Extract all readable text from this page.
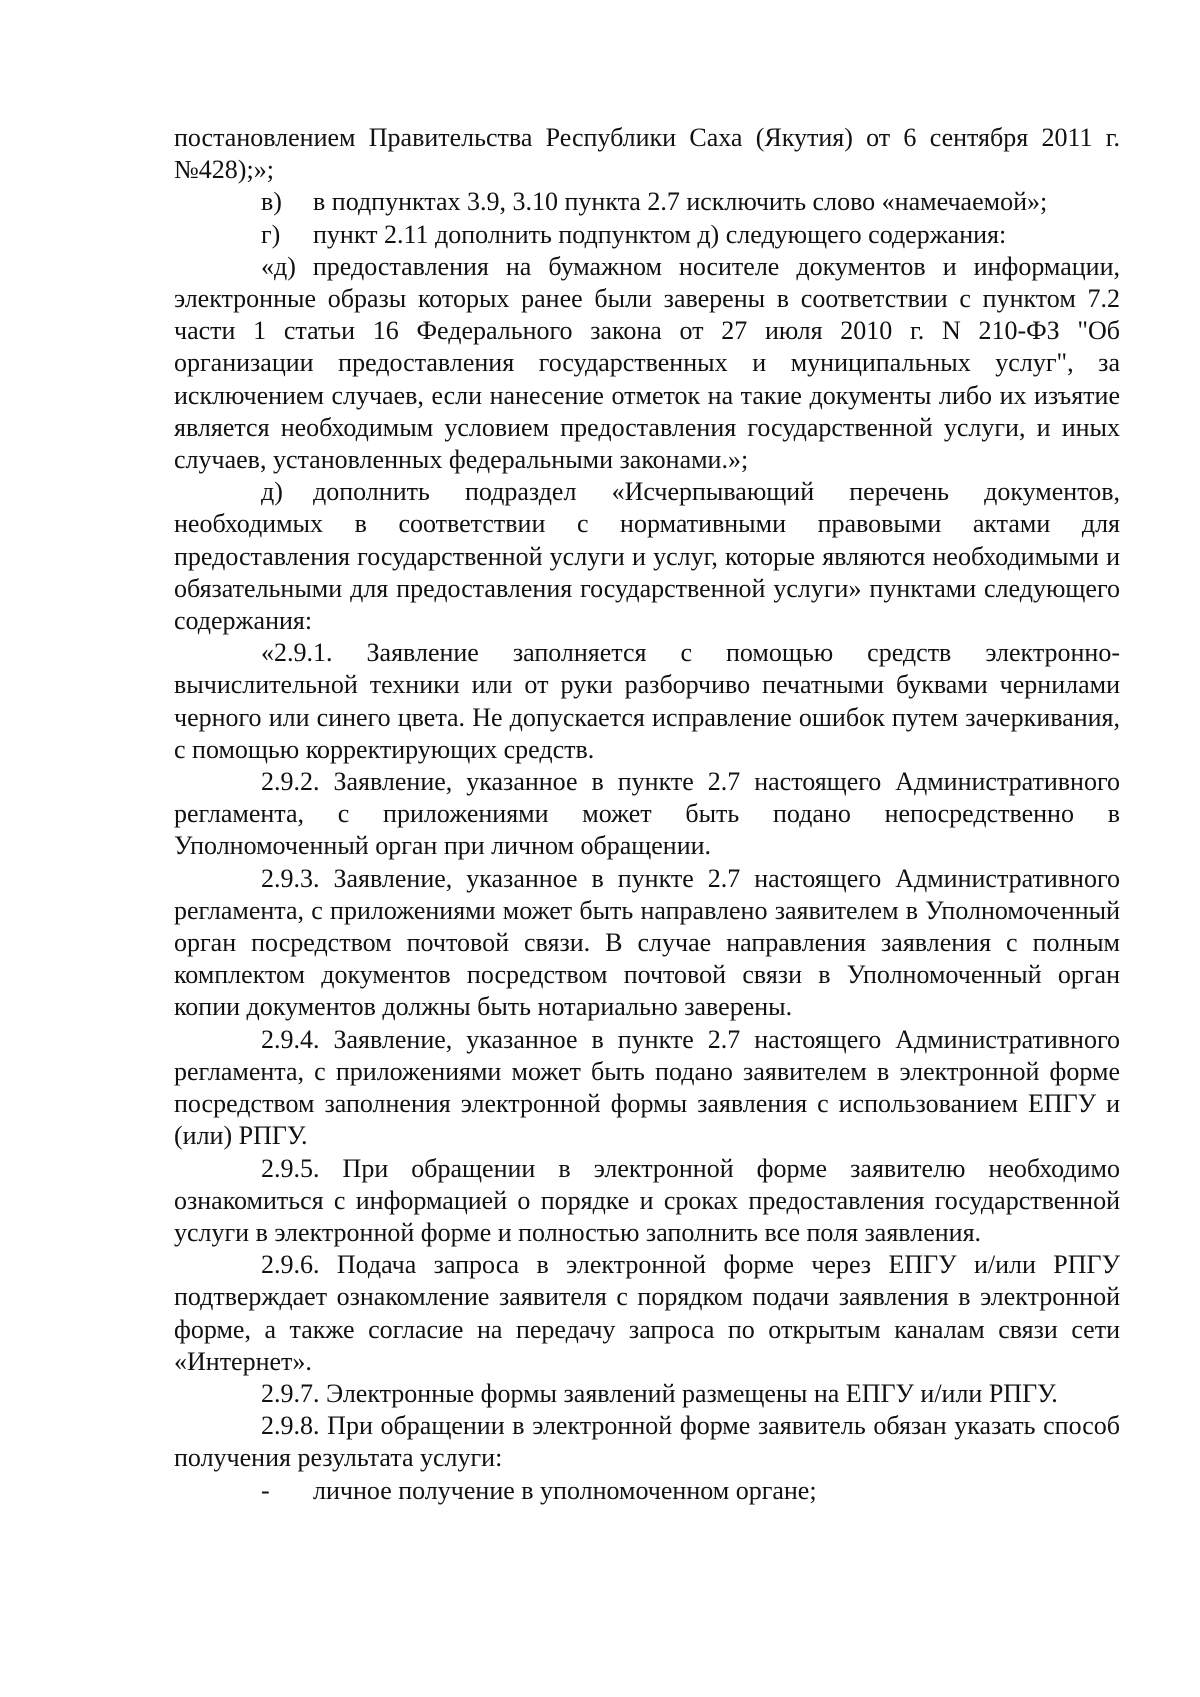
постановлением Правительства Республики Саха (Якутия) от 6 сентября 2011 г. №428);»;

в) в подпунктах 3.9, 3.10 пункта 2.7 исключить слово «намечаемой»;

г) пункт 2.11 дополнить подпунктом д) следующего содержания:

«д) предоставления на бумажном носителе документов и информации, электронные образы которых ранее были заверены в соответствии с пунктом 7.2 части 1 статьи 16 Федерального закона от 27 июля 2010 г. N 210-ФЗ "Об организации предоставления государственных и муниципальных услуг", за исключением случаев, если нанесение отметок на такие документы либо их изъятие является необходимым условием предоставления государственной услуги, и иных случаев, установленных федеральными законами.»;

д) дополнить подраздел «Исчерпывающий перечень документов, необходимых в соответствии с нормативными правовыми актами для предоставления государственной услуги и услуг, которые являются необходимыми и обязательными для предоставления государственной услуги» пунктами следующего содержания:

«2.9.1. Заявление заполняется с помощью средств электронно-вычислительной техники или от руки разборчиво печатными буквами чернилами черного или синего цвета. Не допускается исправление ошибок путем зачеркивания, с помощью корректирующих средств.

2.9.2. Заявление, указанное в пункте 2.7 настоящего Административного регламента, с приложениями может быть подано непосредственно в Уполномоченный орган при личном обращении.

2.9.3. Заявление, указанное в пункте 2.7 настоящего Административного регламента, с приложениями может быть направлено заявителем в Уполномоченный орган посредством почтовой связи. В случае направления заявления с полным комплектом документов посредством почтовой связи в Уполномоченный орган копии документов должны быть нотариально заверены.

2.9.4. Заявление, указанное в пункте 2.7 настоящего Административного регламента, с приложениями может быть подано заявителем в электронной форме посредством заполнения электронной формы заявления с использованием ЕПГУ и (или) РПГУ.

2.9.5. При обращении в электронной форме заявителю необходимо ознакомиться с информацией о порядке и сроках предоставления государственной услуги в электронной форме и полностью заполнить все поля заявления.

2.9.6. Подача запроса в электронной форме через ЕПГУ и/или РПГУ подтверждает ознакомление заявителя с порядком подачи заявления в электронной форме, а также согласие на передачу запроса по открытым каналам связи сети «Интернет».

2.9.7. Электронные формы заявлений размещены на ЕПГУ и/или РПГУ.

2.9.8. При обращении в электронной форме заявитель обязан указать способ получения результата услуги:

- личное получение в уполномоченном органе;
